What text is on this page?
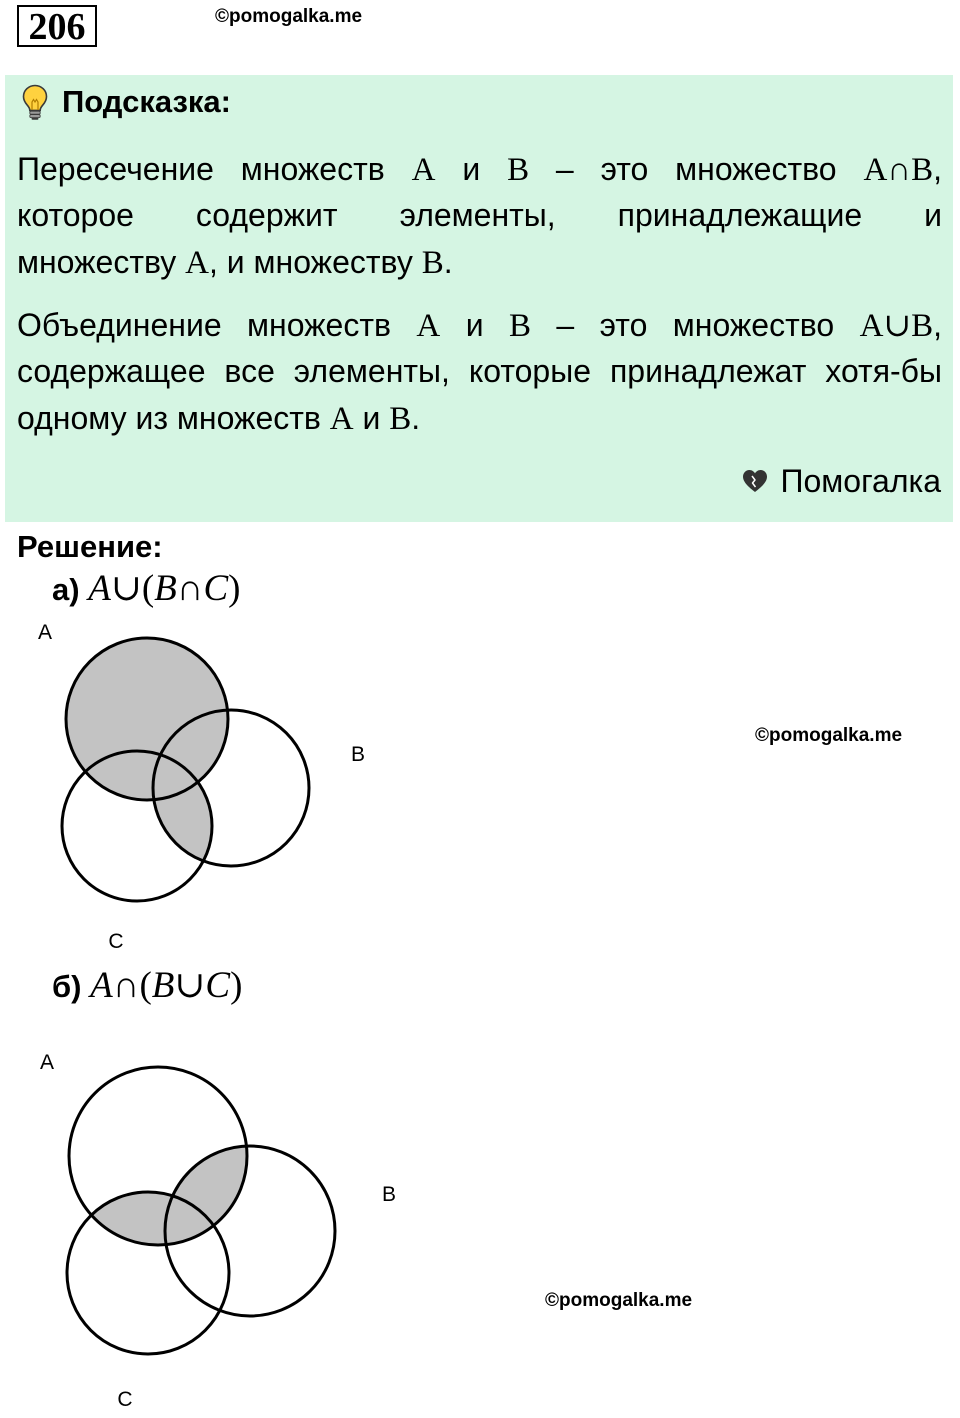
206	©pomogalka.me
Подсказка:
Пересечение множеств A и B – это множество A∩B,
которое содержит элементы, принадлежащие и
множеству A, и множеству B.
Объединение множеств A и B – это множество A∪B,
содержащее все элементы, которые принадлежат хотя-бы
одному из множеств A и B.
Помогалка
Решение:
а) A∪(B∩C)
A
B
C
©pomogalka.me
б) A∩(B∪C)
A
B
C
©pomogalka.me
